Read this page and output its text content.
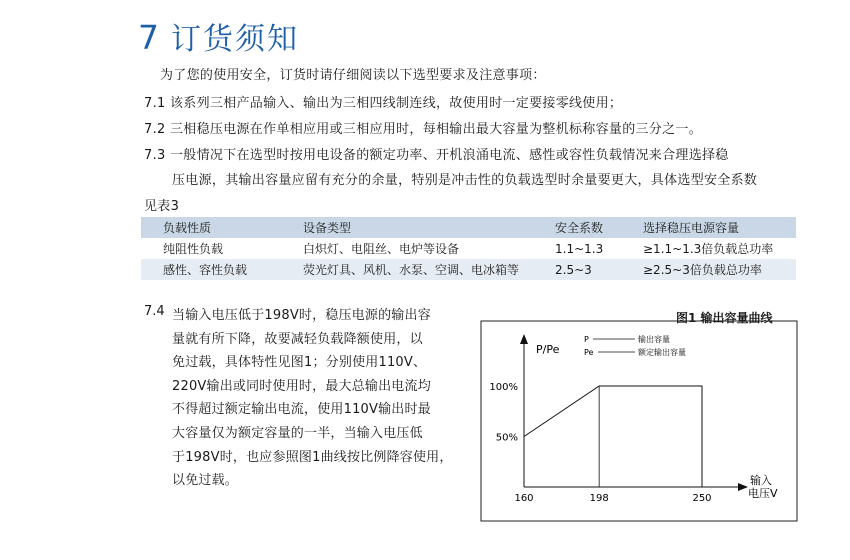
7 订货须知
为了您的使用安全，订货时请仔细阅读以下选型要求及注意事项：
7.1 该系列三相产品输入、输出为三相四线制连线，故使用时一定要接零线使用；
7.2 三相稳压电源在作单相应用或三相应用时，每相输出最大容量为整机标称容量的三分之一。
7.3 一般情况下在选型时按用电设备的额定功率、开机浪涌电流、感性或容性负载情况来合理选择稳
压电源，其输出容量应留有充分的余量，特别是冲击性的负载选型时余量要更大，具体选型安全系数
见表3
负载性质	设备类型	安全系数	选择稳压电源容量
纯阻性负载	白炽灯、电阻丝、电炉等设备	1.1~1.3	≥1.1~1.3倍负载总功率
感性、容性负载	荧光灯具、风机、水泵、空调、电冰箱等	2.5~3	≥2.5~3倍负载总功率
7.4 当输入电压低于198V时，稳压电源的输出容
量就有所下降，故要减轻负载降额使用，以
免过载，具体特性见图1；分别使用110V、
220V输出或同时使用时，最大总输出电流均
不得超过额定输出电流，使用110V输出时最
大容量仅为额定容量的一半，当输入电压低
于198V时，也应参照图1曲线按比例降容使用，
以免过载。
图1 输出容量曲线
P/Pe
输入
电压V
P	输出容量
Pe	额定输出容量
160	198	250
50%
100%
